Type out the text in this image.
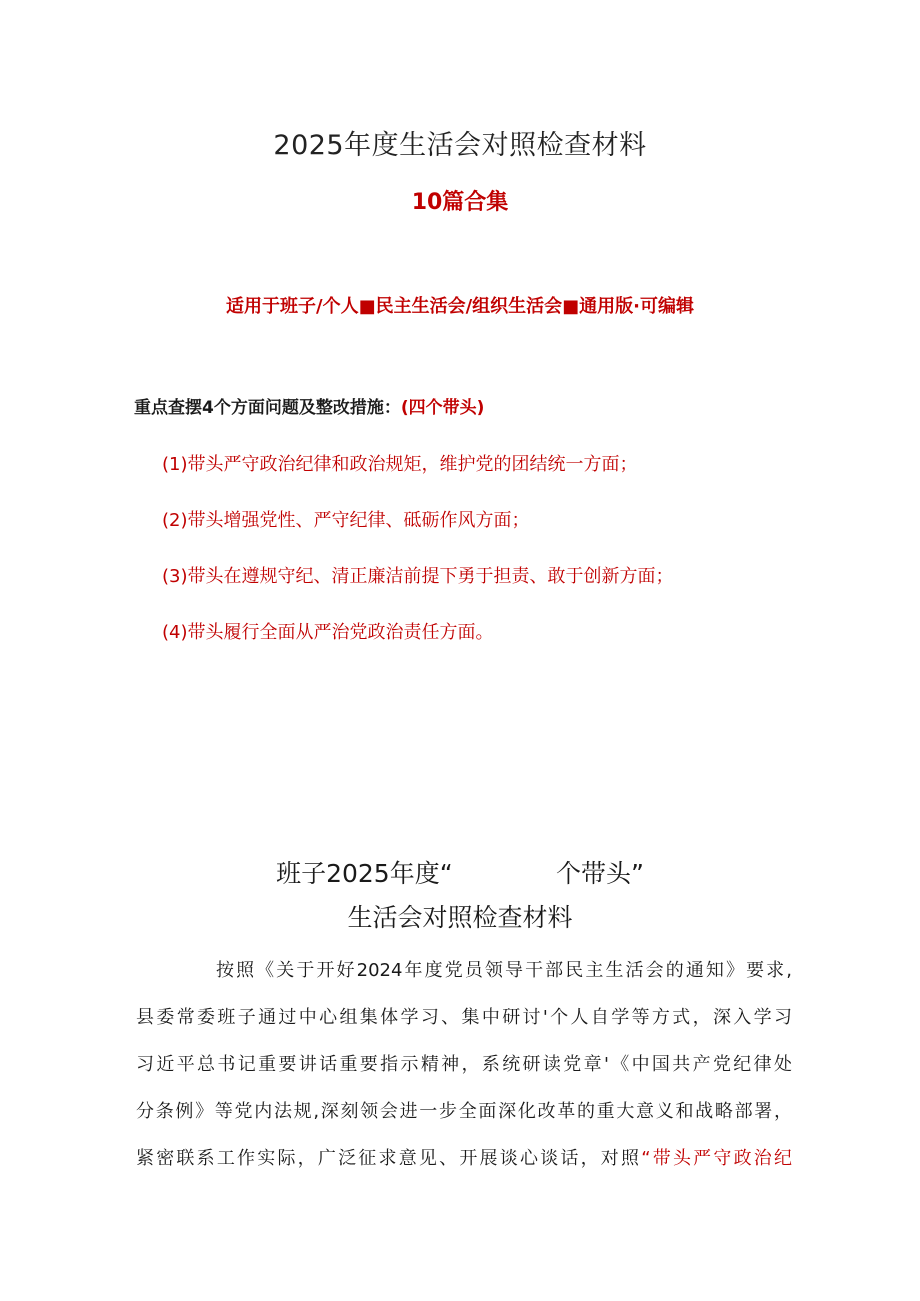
2025年度生活会对照检查材料
10篇合集
适用于班子/个人■民主生活会/组织生活会■通用版·可编辑
重点查摆4个方面问题及整改措施：(四个带头)
(1)带头严守政治纪律和政治规矩，维护党的团结统一方面；
(2)带头增强党性、严守纪律、砥砺作风方面；
(3)带头在遵规守纪、清正廉洁前提下勇于担责、敢于创新方面；
(4)带头履行全面从严治党政治责任方面。
班子2025年度“             个带头”
生活会对照检查材料
按照《关于开好2024年度党员领导干部民主生活会的通知》要求,
县委常委班子通过中心组集体学习、集中研讨'个人自学等方式，深入学习
习近平总书记重要讲话重要指示精神，系统研读党章'《中国共产党纪律处
分条例》等党内法规,深刻领会进一步全面深化改革的重大意义和战略部署，
紧密联系工作实际，广泛征求意见、开展谈心谈话，对照“带头严守政治纪
